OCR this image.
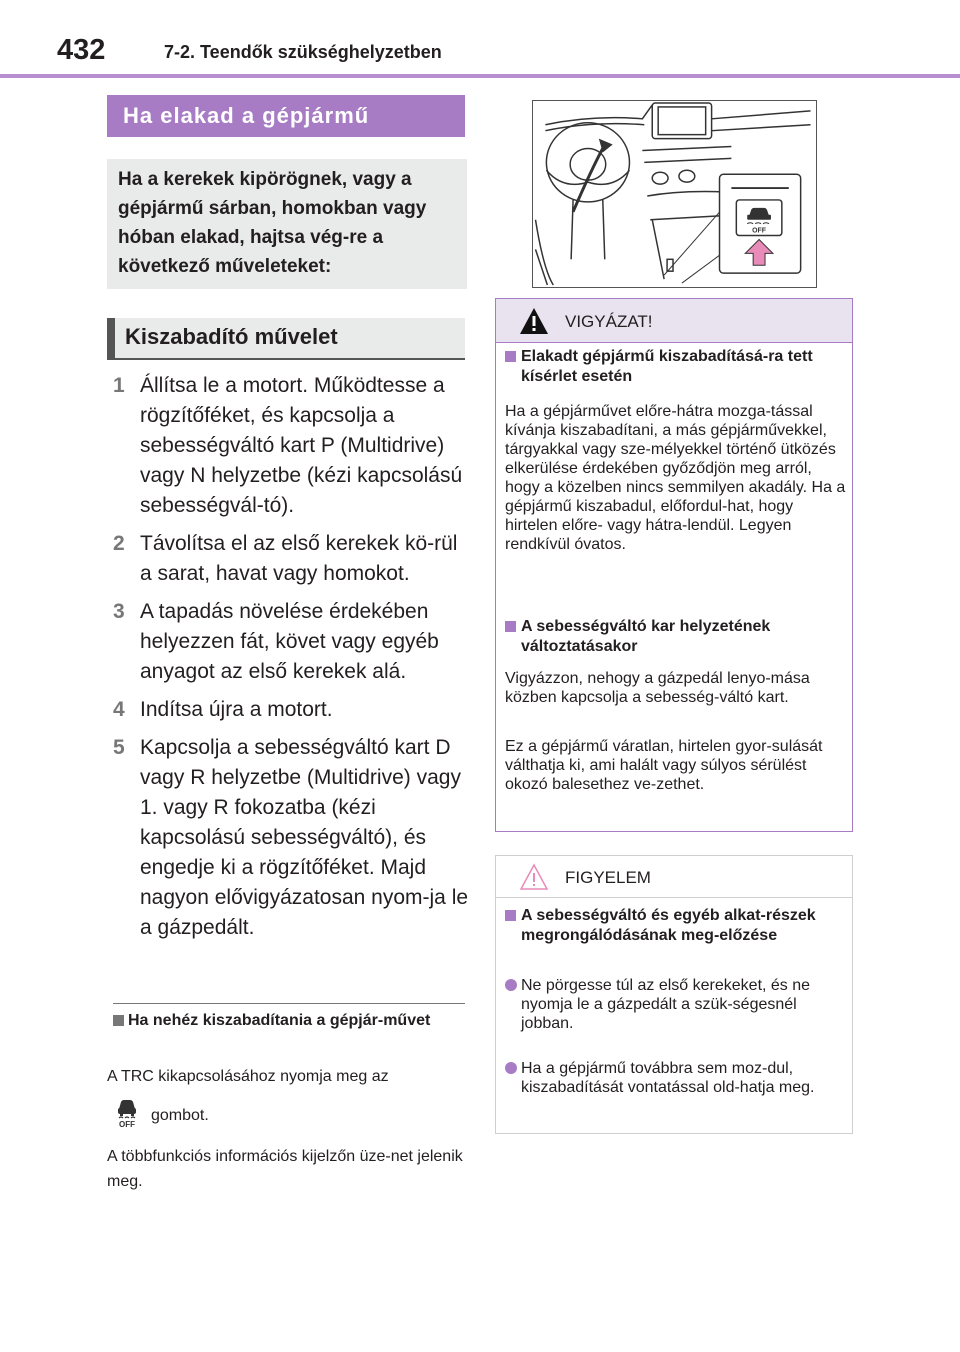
432	7-2. Teendők szükséghelyzetben
Ha elakad a gépjármű

Ha a kerekek kipörögnek, vagy a gépjármű sárban, homokban vagy hóban elakad, hajtsa vég-re a következő műveleteket:

Kiszabadító művelet
1 Állítsa le a motort. Működtesse a rögzítőféket, és kapcsolja a sebességváltó kart P (Multidrive) vagy N helyzetbe (kézi kapcsolású sebességvál-tó).
2 Távolítsa el az első kerekek kö-rül a sarat, havat vagy homokot.
3 A tapadás növelése érdekében helyezzen fát, követ vagy egyéb anyagot az első kerekek alá.
4 Indítsa újra a motort.
5 Kapcsolja a sebességváltó kart D vagy R helyzetbe (Multidrive) vagy 1. vagy R fokozatba (kézi kapcsolású sebességváltó), és engedje ki a rögzítőféket. Majd nagyon elővigyázatosan nyom-ja le a gázpedált.
Ha nehéz kiszabadítania a gépjár-művet
A TRC kikapcsolásához nyomja meg az
OFF
gombot.
A többfunkciós információs kijelzőn üze-net jelenik meg.
OFF
VIGYÁZAT!
Elakadt gépjármű kiszabadításá-ra tett kísérlet esetén
Ha a gépjárművet előre-hátra mozga-tással kívánja kiszabadítani, a más gépjárművekkel, tárgyakkal vagy sze-mélyekkel történő ütközés elkerülése érdekében győződjön meg arról, hogy a közelben nincs semmilyen akadály. Ha a gépjármű kiszabadul, előfordul-hat, hogy hirtelen előre- vagy hátra-lendül. Legyen rendkívül óvatos.
A sebességváltó kar helyzetének változtatásakor
Vigyázzon, nehogy a gázpedál lenyo-mása közben kapcsolja a sebesség-váltó kart.
Ez a gépjármű váratlan, hirtelen gyor-sulását válthatja ki, ami halált vagy súlyos sérülést okozó balesethez ve-zethet.
FIGYELEM
A sebességváltó és egyéb alkat-részek megrongálódásának meg-előzése
Ne pörgesse túl az első kerekeket, és ne nyomja le a gázpedált a szük-ségesnél jobban.
Ha a gépjármű továbbra sem moz-dul, kiszabadítását vontatással old-hatja meg.
